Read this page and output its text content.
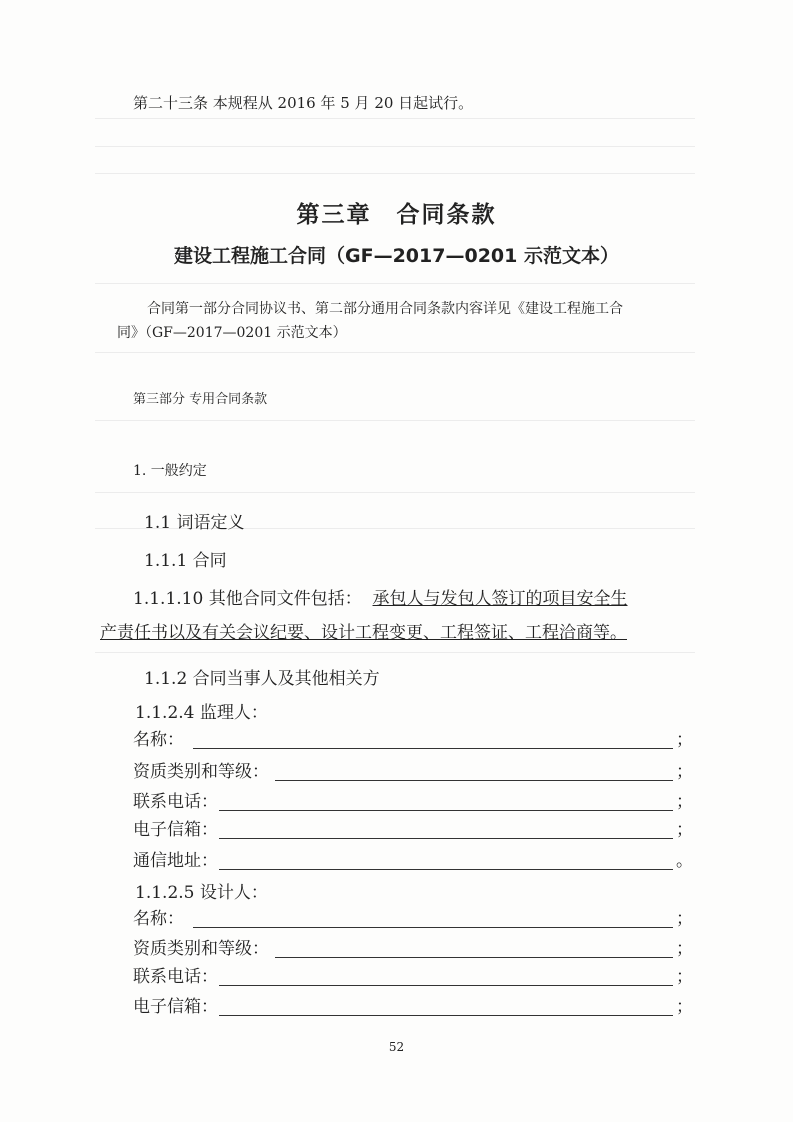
第二十三条 本规程从 2016 年 5 月 20 日起试行。
第三章　合同条款
建设工程施工合同（GF—2017—0201 示范文本）
合同第一部分合同协议书、第二部分通用合同条款内容详见《建设工程施工合
同》（GF—2017—0201 示范文本）
第三部分 专用合同条款
1. 一般约定
1.1 词语定义
1.1.1 合同
1.1.1.10 其他合同文件包括： 承包人与发包人签订的项目安全生
产责任书以及有关会议纪要、设计工程变更、工程签证、工程洽商等。
1.1.2 合同当事人及其他相关方
1.1.2.4 监理人：
名称：	；
资质类别和等级：	；
联系电话：	；
电子信箱：	；
通信地址：	。
1.1.2.5 设计人：
名称：	；
资质类别和等级：	；
联系电话：	；
电子信箱：	；
52
